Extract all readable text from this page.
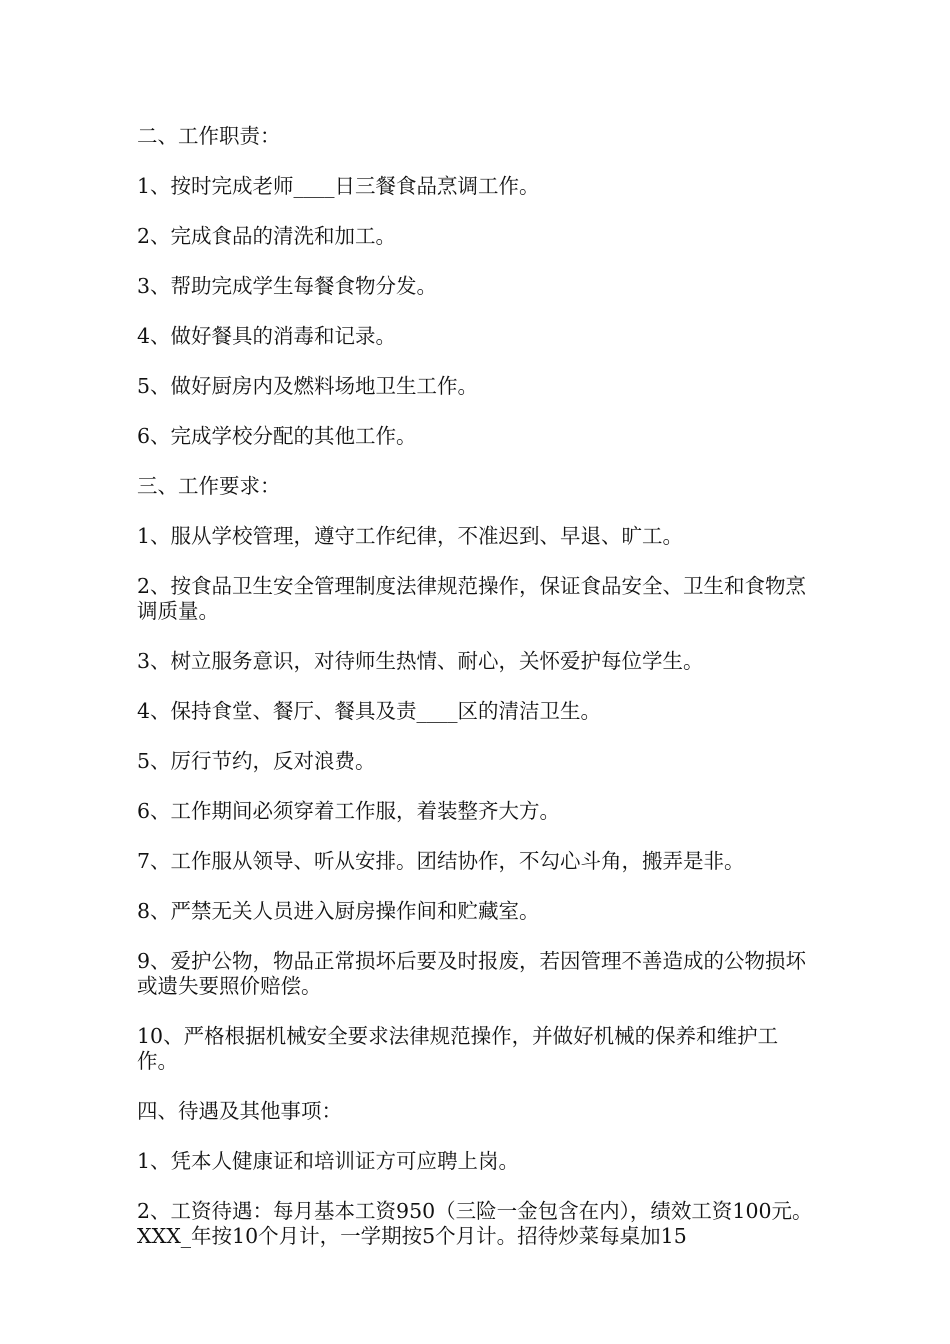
二、工作职责：

1、按时完成老师____日三餐食品烹调工作。

2、完成食品的清洗和加工。

3、帮助完成学生每餐食物分发。

4、做好餐具的消毒和记录。

5、做好厨房内及燃料场地卫生工作。

6、完成学校分配的其他工作。

三、工作要求：

1、服从学校管理，遵守工作纪律，不准迟到、早退、旷工。

2、按食品卫生安全管理制度法律规范操作，保证食品安全、卫生和食物烹调质量。

3、树立服务意识，对待师生热情、耐心，关怀爱护每位学生。

4、保持食堂、餐厅、餐具及责____区的清洁卫生。

5、厉行节约，反对浪费。

6、工作期间必须穿着工作服，着装整齐大方。

7、工作服从领导、听从安排。团结协作，不勾心斗角，搬弄是非。

8、严禁无关人员进入厨房操作间和贮藏室。

9、爱护公物，物品正常损坏后要及时报废，若因管理不善造成的公物损坏或遗失要照价赔偿。

10、严格根据机械安全要求法律规范操作，并做好机械的保养和维护工作。

四、待遇及其他事项：

1、凭本人健康证和培训证方可应聘上岗。

2、工资待遇：每月基本工资950（三险一金包含在内），绩效工资100元。XXX_年按10个月计，一学期按5个月计。招待炒菜每桌加15
